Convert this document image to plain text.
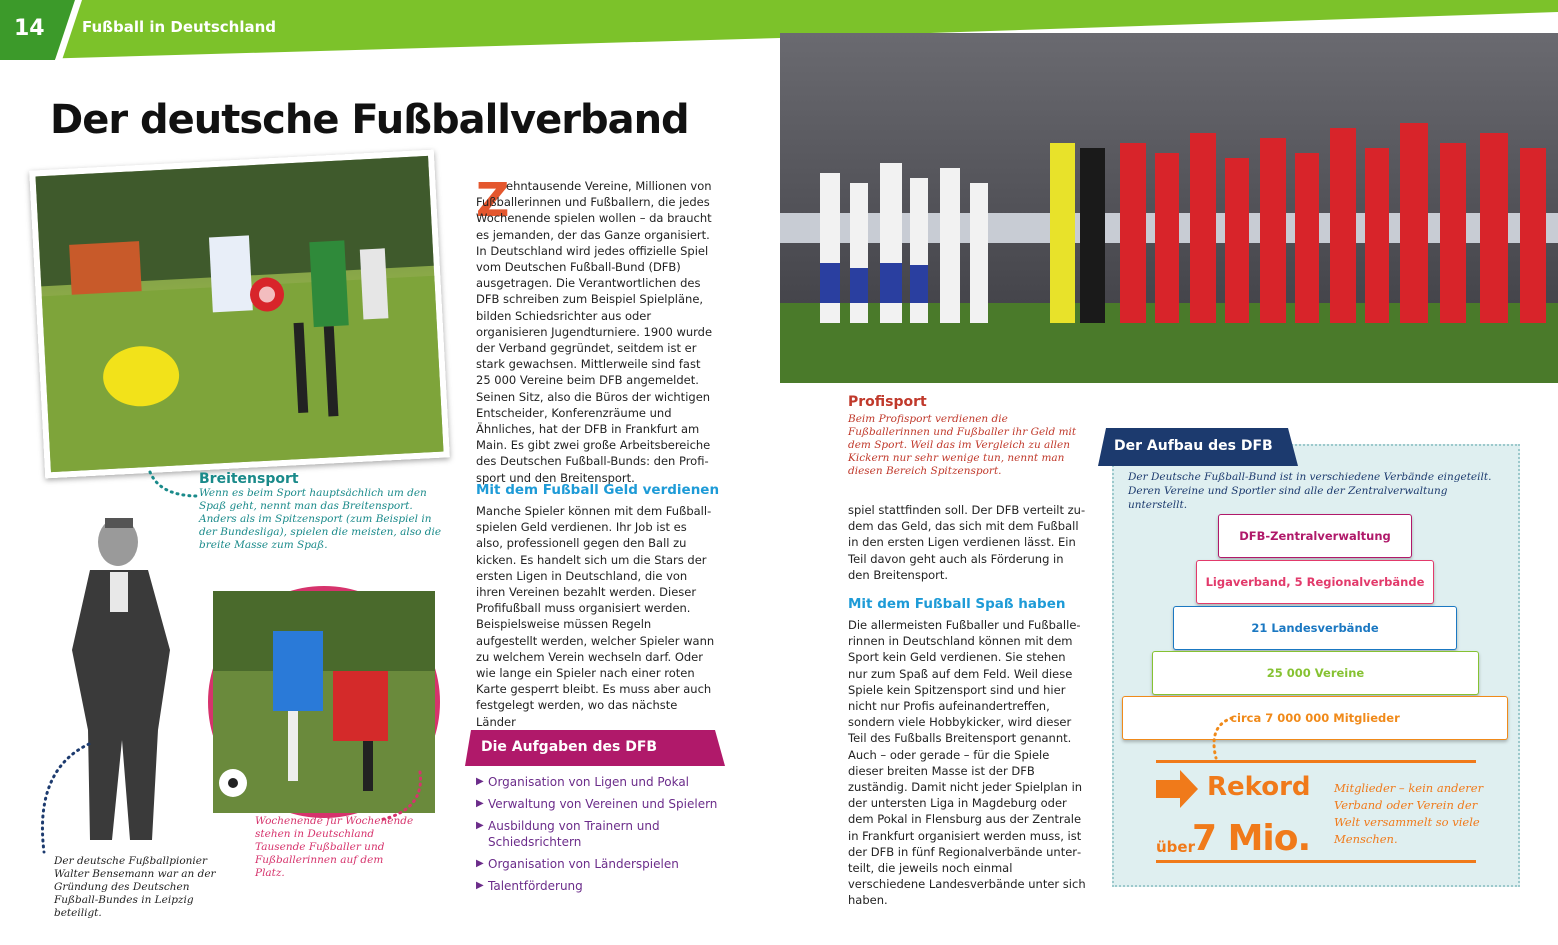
14 Fußball in Deutschland
Der deutsche Fußballverband
Breitensport
Wenn es beim Sport hauptsächlich um den Spaß geht, nennt man das Breitensport. Anders als im Spitzensport (zum Beispiel in der Bundesliga), spielen die meisten, also die breite Masse zum Spaß.
Der deutsche Fußballpionier Walter Bensemann war an der Gründung des Deutschen Fußball-Bundes in Leipzig beteiligt.
Wochenende für Wochenende stehen in Deutschland Tausende Fußballer und Fußballerinnen auf dem Platz.
Z
ehntausende Vereine, Millionen von Fußballerinnen und Fußballern, die jedes Wochenende spielen wollen – da braucht es jemanden, der das Ganze organisiert. In Deutschland wird jedes offizielle Spiel vom Deutschen Fußball-Bund (DFB) ausgetragen. Die Verantwortlichen des DFB schreiben zum Beispiel Spielpläne, bilden Schiedsrichter aus oder organisieren Jugendturniere. 1900 wurde der Verband gegründet, seitdem ist er stark gewachsen. Mittlerweile sind fast 25 000 Vereine beim DFB angemeldet. Seinen Sitz, also die Büros der wichtigen Entscheider, Konferenzräume und Ähnliches, hat der DFB in Frankfurt am Main. Es gibt zwei große Arbeitsbereiche des Deutschen Fußball-Bunds: den Profisport und den Breitensport.
Mit dem Fußball Geld verdienen
Manche Spieler können mit dem Fußballspielen Geld verdienen. Ihr Job ist es also, professionell gegen den Ball zu kicken. Es handelt sich um die Stars der ersten Ligen in Deutschland, die von ihren Vereinen bezahlt werden. Dieser Profifußball muss organisiert werden. Beispielsweise müssen Regeln aufgestellt werden, welcher Spieler wann zu welchem Verein wechseln darf. Oder wie lange ein Spieler nach einer roten Karte gesperrt bleibt. Es muss aber auch festgelegt werden, wo das nächste Länder
Die Aufgaben des DFB
▶ Organisation von Ligen und Pokal
▶ Verwaltung von Vereinen und Spielern
▶ Ausbildung von Trainern und Schiedsrichtern
▶ Organisation von Länderspielen
▶ Talentförderung
Profisport
Beim Profisport verdienen die Fußballerinnen und Fußballer ihr Geld mit dem Sport. Weil das im Vergleich zu allen Kickern nur sehr wenige tun, nennt man diesen Bereich Spitzensport.
spiel stattfinden soll. Der DFB verteilt zudem das Geld, das sich mit dem Fußball in den ersten Ligen verdienen lässt. Ein Teil davon geht auch als Förderung in den Breitensport.
Mit dem Fußball Spaß haben
Die allermeisten Fußballer und Fußballerinnen in Deutschland können mit dem Sport kein Geld verdienen. Sie stehen nur zum Spaß auf dem Feld. Weil diese Spiele kein Spitzensport sind und hier nicht nur Profis aufeinandertreffen, sondern viele Hobbykicker, wird dieser Teil des Fußballs Breitensport genannt. Auch – oder gerade – für die Spiele dieser breiten Masse ist der DFB zuständig. Damit nicht jeder Spielplan in der untersten Liga in Magdeburg oder dem Pokal in Flensburg aus der Zentrale in Frankfurt organisiert werden muss, ist der DFB in fünf Regionalverbände unterteilt, die jeweils noch einmal verschiedene Landesverbände unter sich haben.
Der Aufbau des DFB
Der Deutsche Fußball-Bund ist in verschiedene Verbände eingeteilt. Deren Vereine und Sportler sind alle der Zentralverwaltung unterstellt.
DFB-Zentralverwaltung
Ligaverband, 5 Regionalverbände
21 Landesverbände
25 000 Vereine
circa 7 000 000 Mitglieder
Rekord
über
7 Mio.
Mitglieder – kein anderer Verband oder Verein der Welt versammelt so viele Menschen.
